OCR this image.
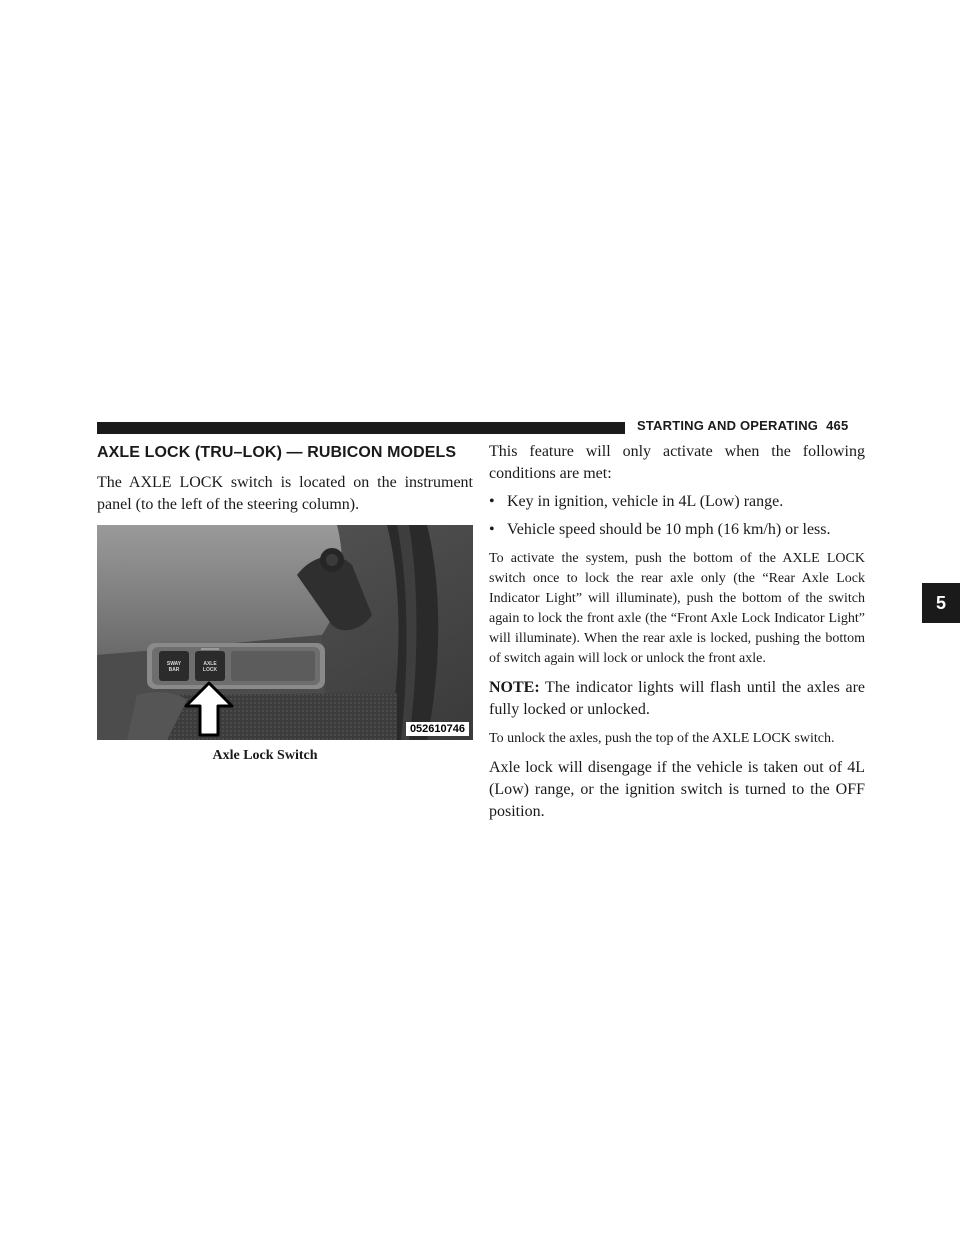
STARTING AND OPERATING 465
5
AXLE LOCK (TRU–LOK) — RUBICON MODELS

The AXLE LOCK switch is located on the instrument panel (to the left of the steering column).

SWAY
BAR
AXLE
LOCK
052610746
Axle Lock Switch

This feature will only activate when the following conditions are met:

• Key in ignition, vehicle in 4L (Low) range.
• Vehicle speed should be 10 mph (16 km/h) or less.

To activate the system, push the bottom of the AXLE LOCK switch once to lock the rear axle only (the “Rear Axle Lock Indicator Light” will illuminate), push the bottom of the switch again to lock the front axle (the “Front Axle Lock Indicator Light” will illuminate). When the rear axle is locked, pushing the bottom of switch again will lock or unlock the front axle.

NOTE: The indicator lights will flash until the axles are fully locked or unlocked.

To unlock the axles, push the top of the AXLE LOCK switch.

Axle lock will disengage if the vehicle is taken out of 4L (Low) range, or the ignition switch is turned to the OFF position.
